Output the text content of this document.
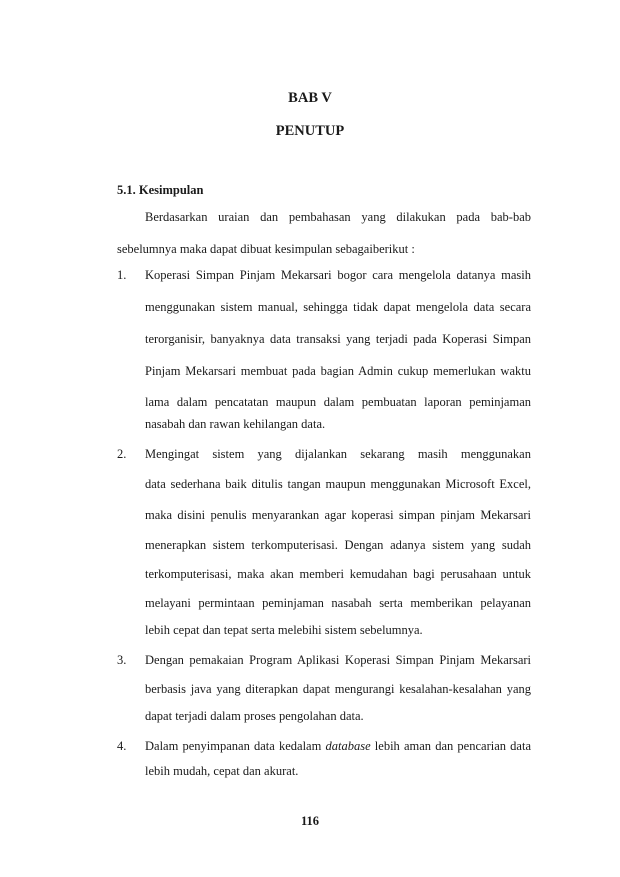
BAB V
PENUTUP
5.1. Kesimpulan
Berdasarkan uraian dan pembahasan yang dilakukan pada bab-bab
sebelumnya maka dapat dibuat kesimpulan sebagaiberikut :
1.	Koperasi Simpan Pinjam Mekarsari bogor cara mengelola datanya masih
menggunakan sistem manual, sehingga tidak dapat mengelola data secara
terorganisir, banyaknya data transaksi yang terjadi pada Koperasi Simpan
Pinjam Mekarsari membuat pada bagian Admin cukup memerlukan waktu
lama dalam pencatatan maupun dalam pembuatan laporan peminjaman
nasabah dan rawan kehilangan data.
2.	Mengingat sistem yang dijalankan sekarang masih menggunakan
data sederhana baik ditulis tangan maupun menggunakan Microsoft Excel,
maka disini penulis menyarankan agar koperasi simpan pinjam Mekarsari
menerapkan sistem terkomputerisasi. Dengan adanya sistem yang sudah
terkomputerisasi, maka akan memberi kemudahan bagi perusahaan untuk
melayani permintaan peminjaman nasabah serta memberikan pelayanan
lebih cepat dan tepat serta melebihi sistem sebelumnya.
3.	Dengan pemakaian Program Aplikasi Koperasi Simpan Pinjam Mekarsari
berbasis java yang diterapkan dapat mengurangi kesalahan-kesalahan yang
dapat terjadi dalam proses pengolahan data.
4.	Dalam penyimpanan data kedalam database lebih aman dan pencarian data
lebih mudah, cepat dan akurat.
116
